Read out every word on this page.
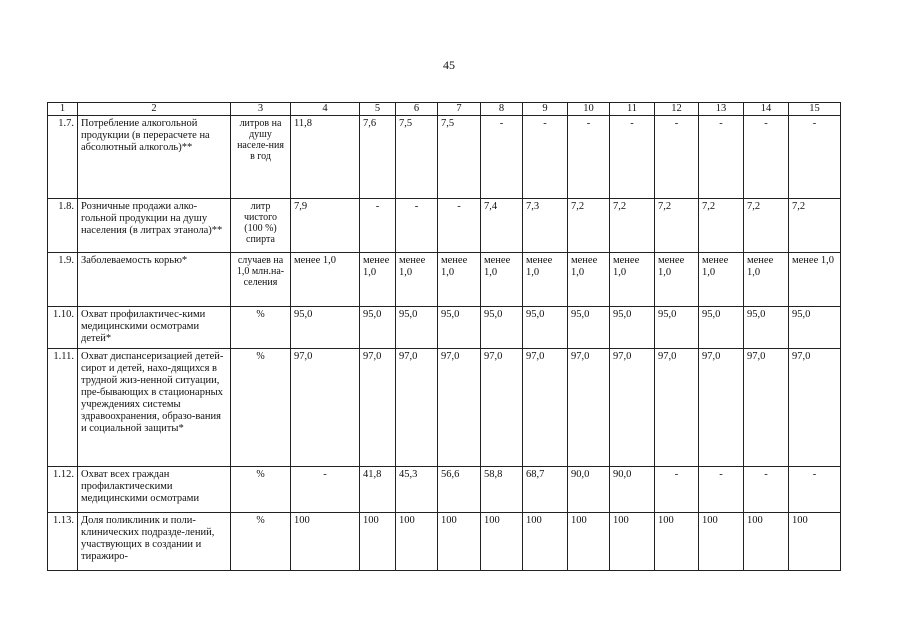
45
1	2	3	4	5	6	7	8	9	10	11	12	13	14	15
1.7.	Потребление алкогольной продукции (в перерасчете на абсолютный алкоголь)**	литров на душу населе-ния в год	11,8	7,6	7,5	7,5	-	-	-	-	-	-	-	-
1.8.	Розничные продажи алко-гольной продукции на душу населения (в литрах этанола)**	литр чистого (100 %) спирта	7,9	-	-	-	7,4	7,3	7,2	7,2	7,2	7,2	7,2	7,2
1.9.	Заболеваемость корью*	случаев на 1,0 млн.на-селения	менее 1,0	менее 1,0	менее 1,0	менее 1,0	менее 1,0	менее 1,0	менее 1,0	менее 1,0	менее 1,0	менее 1,0	менее 1,0	менее 1,0
1.10.	Охват профилактичес-кими медицинскими осмотрами детей*	%	95,0	95,0	95,0	95,0	95,0	95,0	95,0	95,0	95,0	95,0	95,0	95,0
1.11.	Охват диспансеризацией детей-сирот и детей, нахо-дящихся в трудной жиз-ненной ситуации, пре-бывающих в стационарных учреждениях системы здравоохранения, образо-вания и социальной защиты*	%	97,0	97,0	97,0	97,0	97,0	97,0	97,0	97,0	97,0	97,0	97,0	97,0
1.12.	Охват всех граждан профилактическими медицинскими осмотрами	%	-	41,8	45,3	56,6	58,8	68,7	90,0	90,0	-	-	-	-
1.13.	Доля поликлиник и поли-клинических подразде-лений, участвующих в создании и тиражиро-	%	100	100	100	100	100	100	100	100	100	100	100	100
